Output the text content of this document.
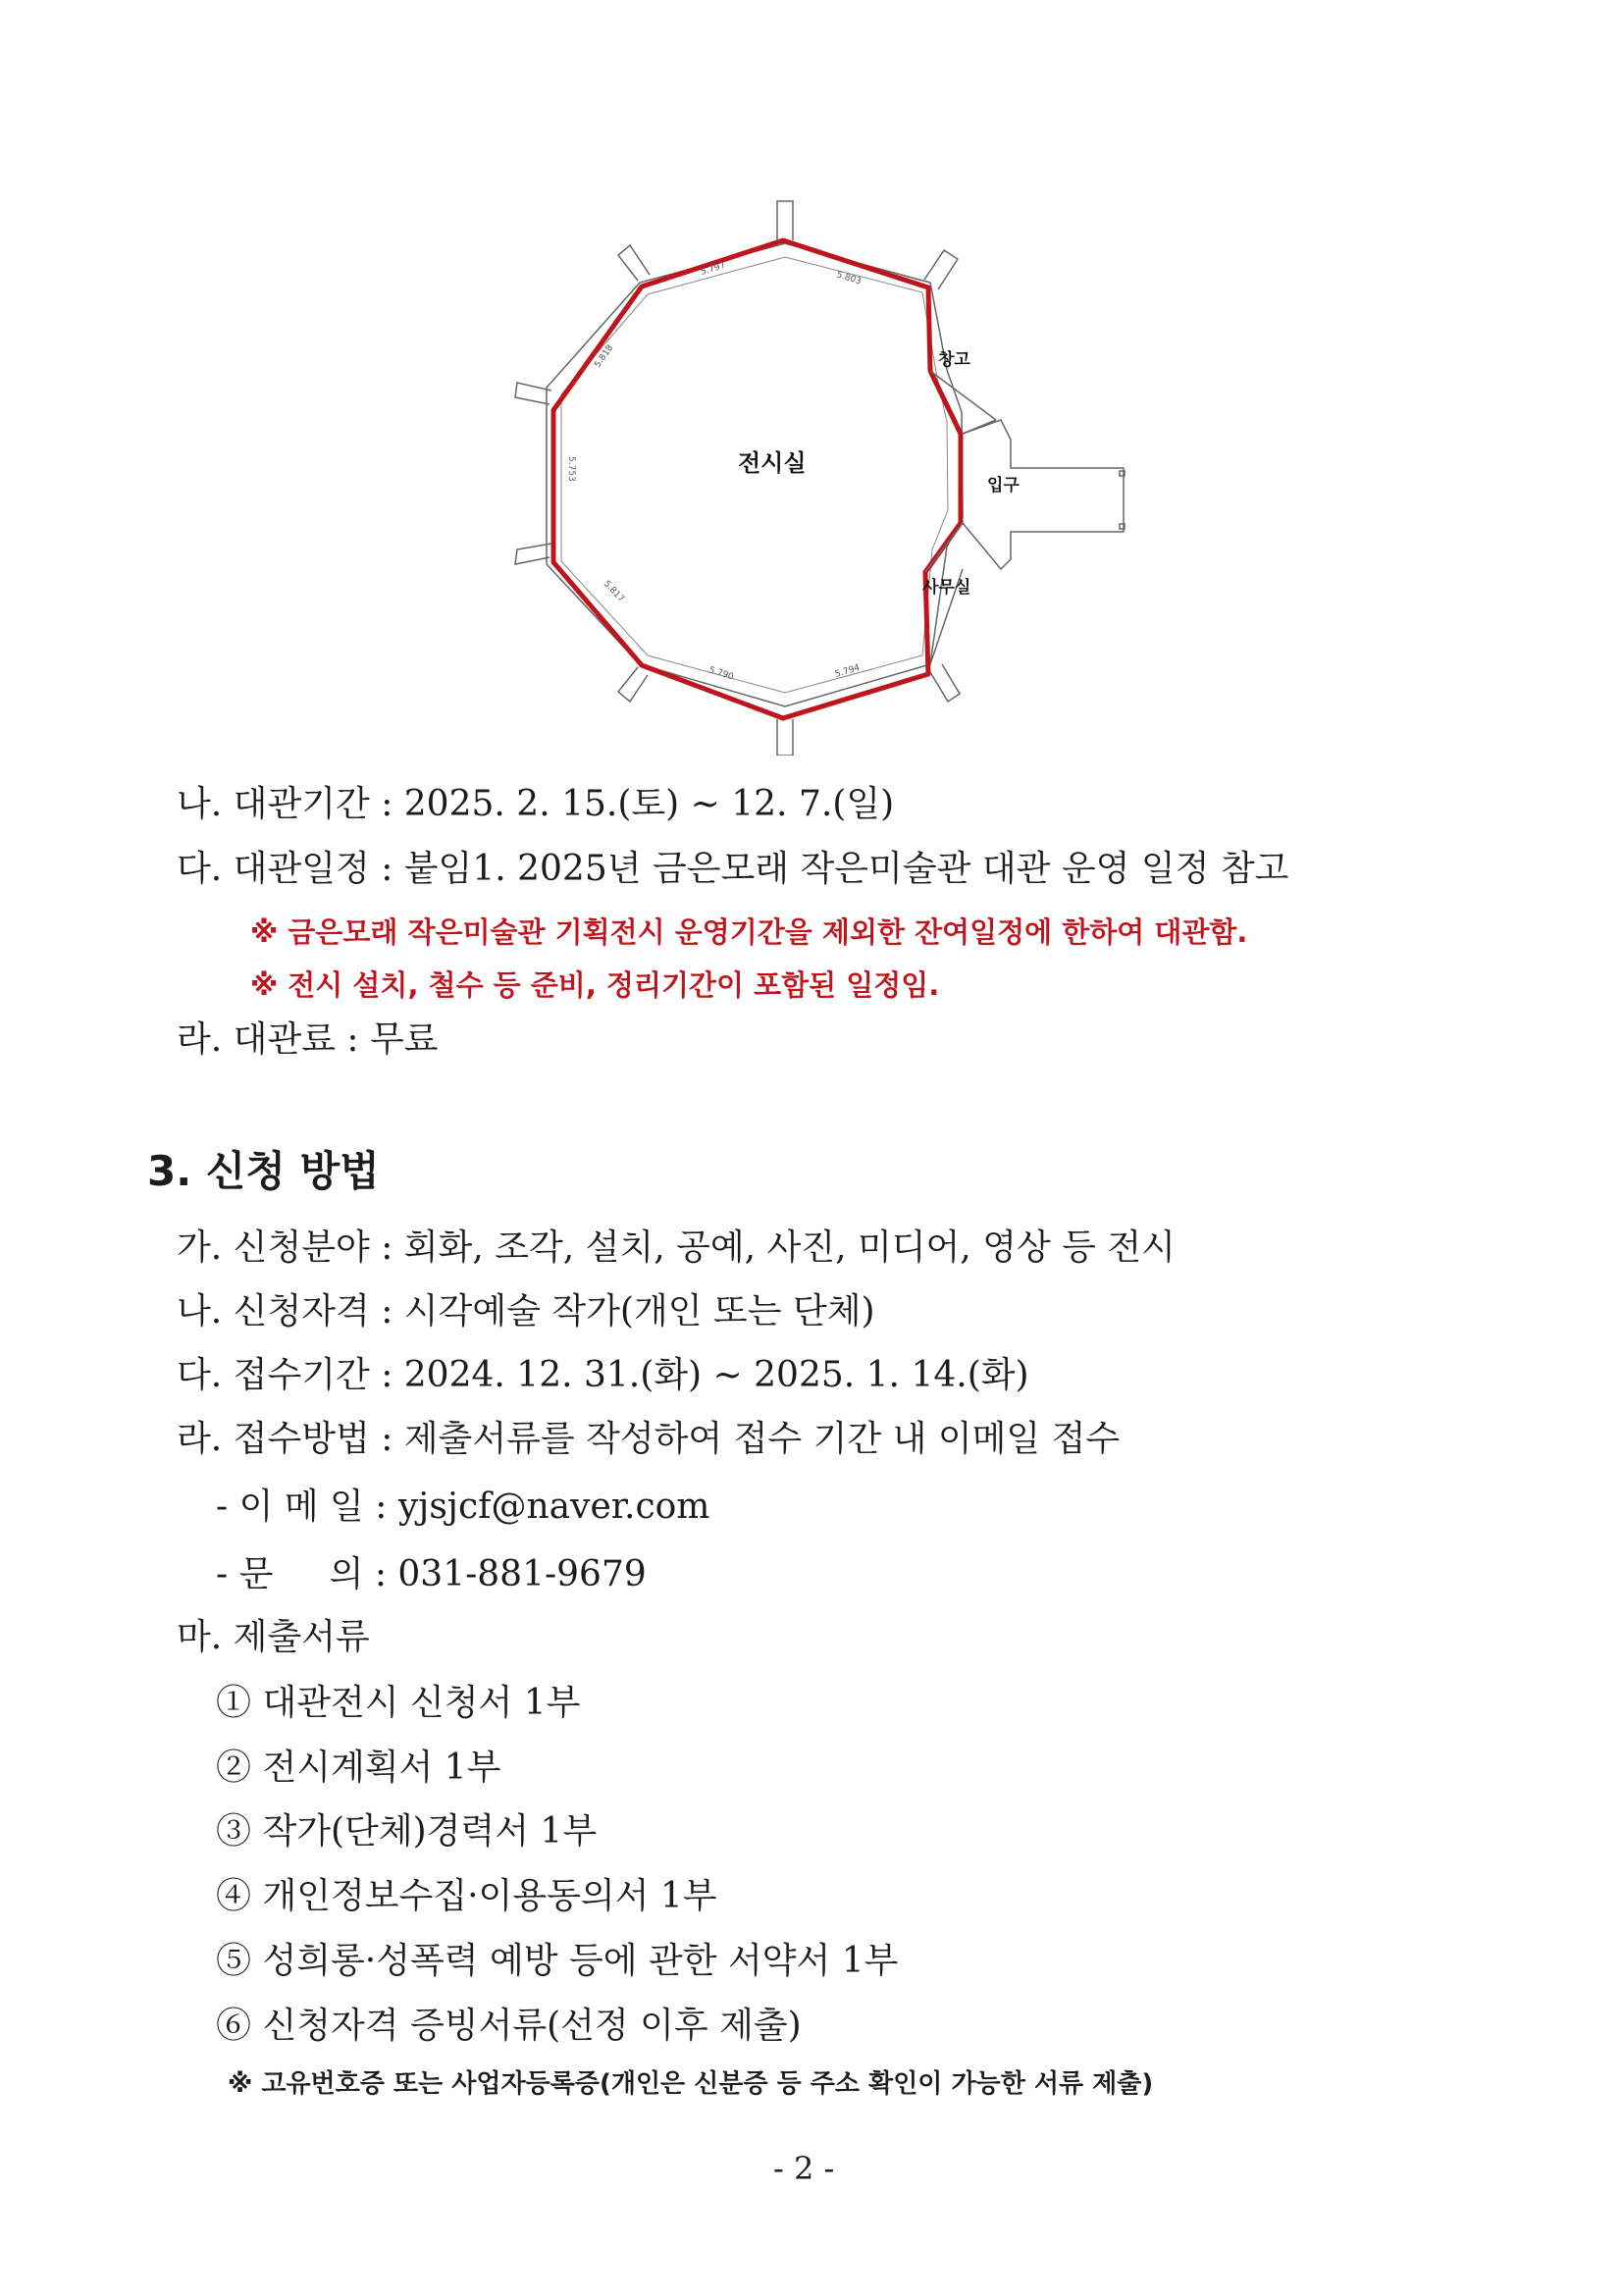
전시실
창고
입구
사무실
5.797
5.803
5.818
5.753
5.817
5.790	5.794
나. 대관기간 : 2025. 2. 15.(토) ~ 12. 7.(일)
다. 대관일정 : 붙임1. 2025년 금은모래 작은미술관 대관 운영 일정 참고
※ 금은모래 작은미술관 기획전시 운영기간을 제외한 잔여일정에 한하여 대관함.
※ 전시 설치, 철수 등 준비, 정리기간이 포함된 일정임.
라. 대관료 : 무료
3. 신청 방법
가. 신청분야 : 회화, 조각, 설치, 공예, 사진, 미디어, 영상 등 전시
나. 신청자격 : 시각예술 작가(개인 또는 단체)
다. 접수기간 : 2024. 12. 31.(화) ~ 2025. 1. 14.(화)
라. 접수방법 : 제출서류를 작성하여 접수 기간 내 이메일 접수
- 이 메 일 : yjsjcf@naver.com
- 문     의 : 031-881-9679
마. 제출서류
① 대관전시 신청서 1부
② 전시계획서 1부
③ 작가(단체)경력서 1부
④ 개인정보수집·이용동의서 1부
⑤ 성희롱·성폭력 예방 등에 관한 서약서 1부
⑥ 신청자격 증빙서류(선정 이후 제출)
※ 고유번호증 또는 사업자등록증(개인은 신분증 등 주소 확인이 가능한 서류 제출)
- 2 -
